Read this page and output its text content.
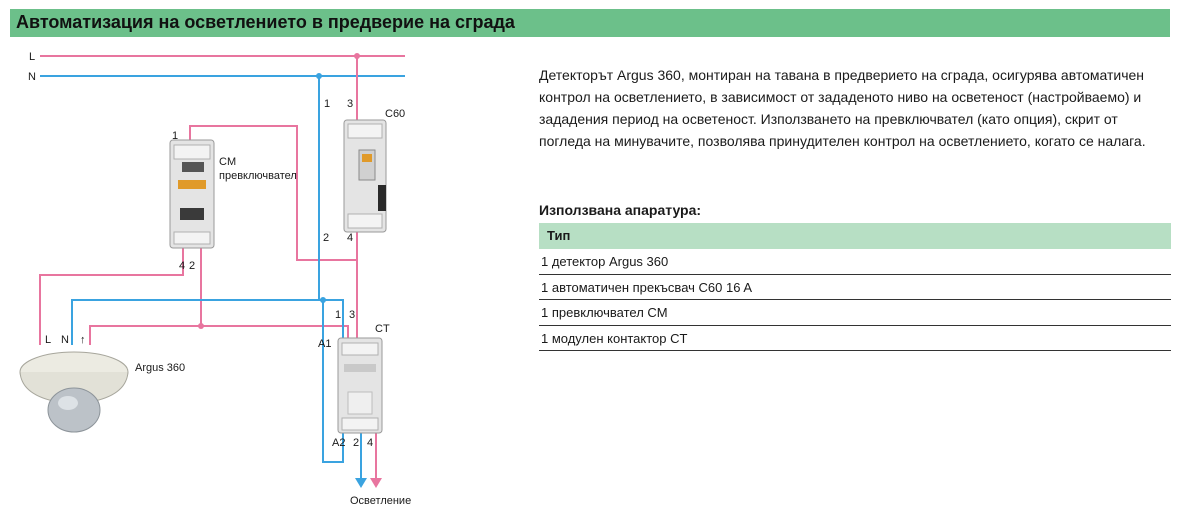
Автоматизация на осветлението в предверие на сграда
L
N
1
2
C60
3
4
1
CM
превключвател
4 2
CT
1 3
A1
A2 2 4
Argus 360
L N ↑
Осветление
Детекторът Argus 360, монтиран на тавана в предверието на сграда, осигурява автоматичен контрол на осветлението, в зависимост от зададеното ниво на осветеност (настройваемо) и зададения период на осветеност. Използването на превключвател (като опция), скрит от погледа на минувачите, позволява принудителен контрол на осветлението, когато се налага.
Използвана апаратура:
Тип
1 детектор Argus 360
1 автоматичен прекъсвач C60 16 A
1 превключвател CM
1 модулен контактор CT
